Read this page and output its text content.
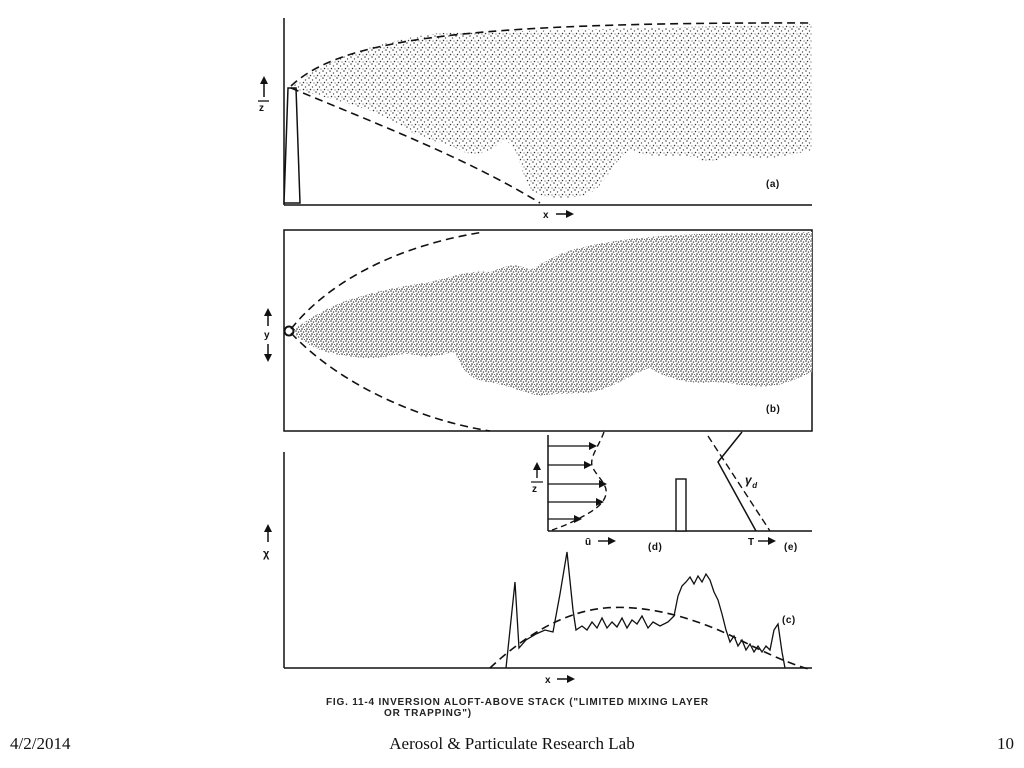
z
x
(a)
y
(b)
z
ū	(d)
$\gamma_d$
T	(e)
χ
x
(c)
FIG. 11-4 INVERSION ALOFT-ABOVE STACK ("LIMITED MIXING LAYER
OR TRAPPING")
4/2/2014	Aerosol & Particulate Research Lab	10
